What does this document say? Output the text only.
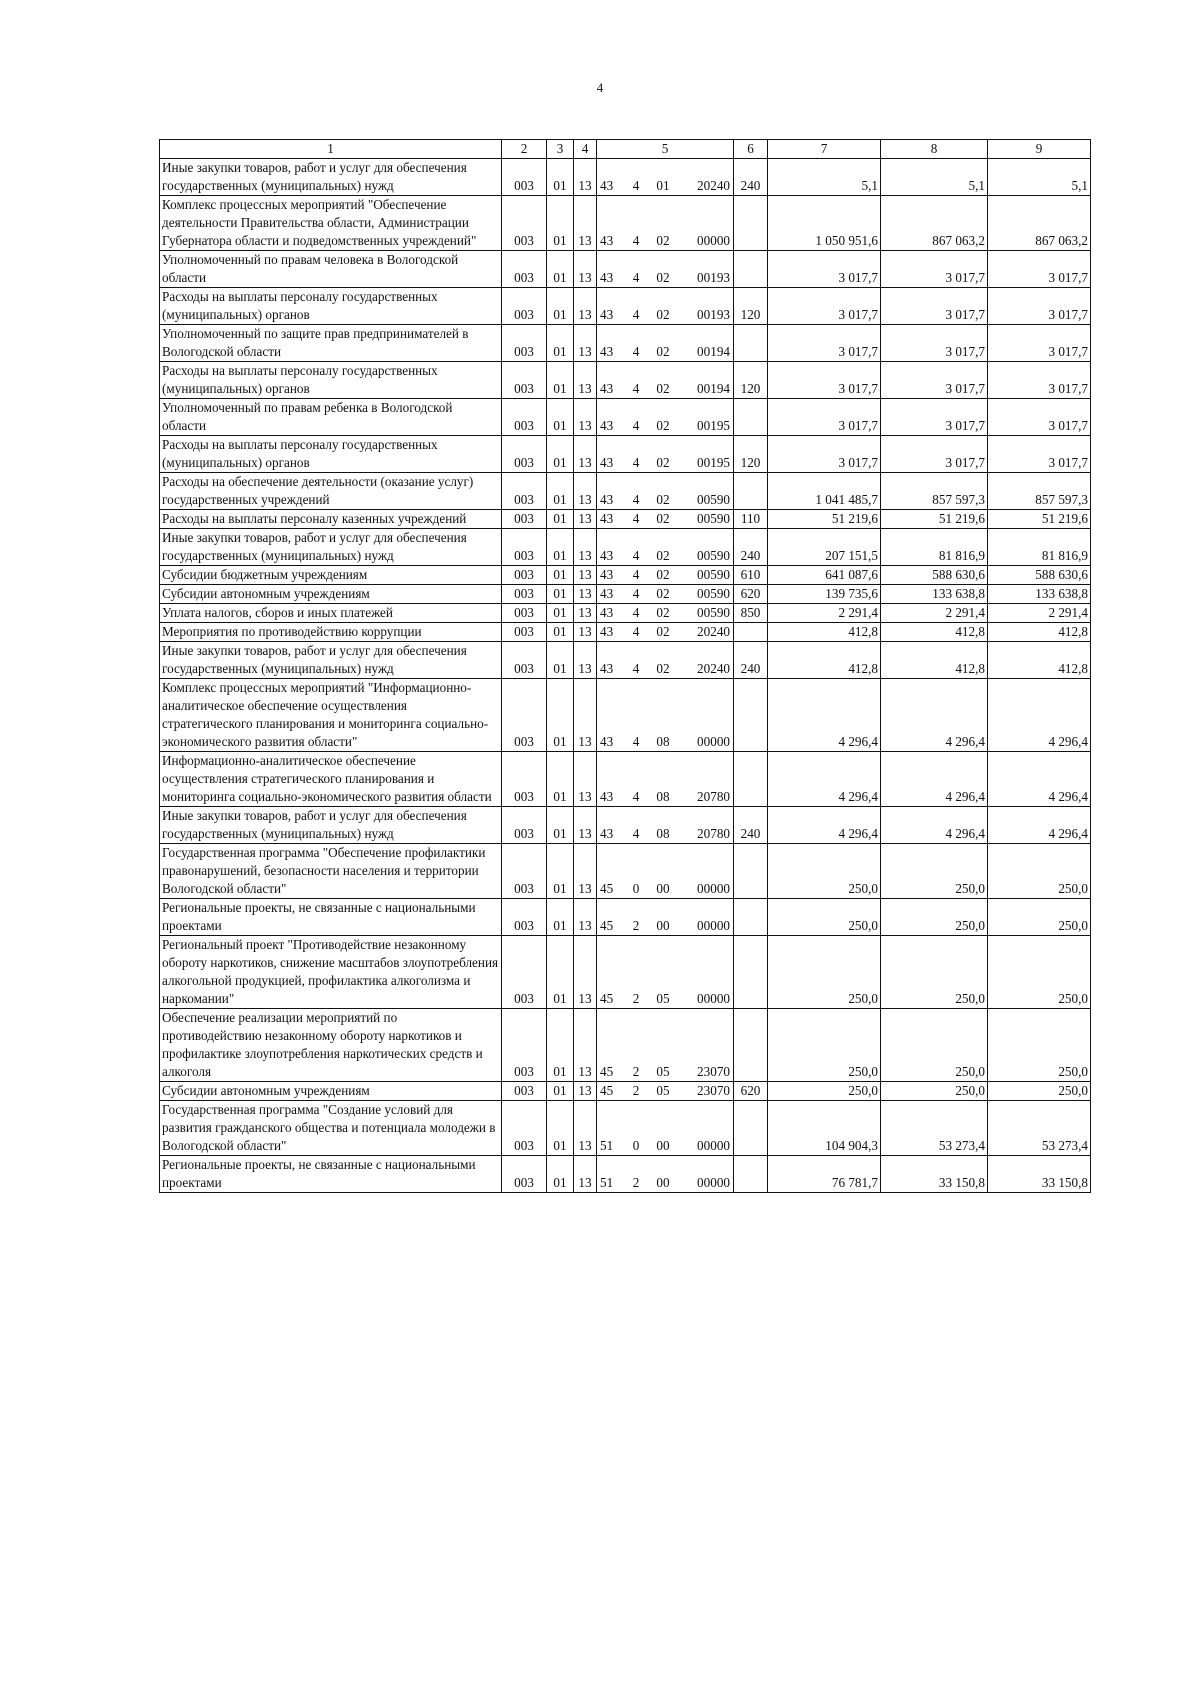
4
1	2	3	4	5	6	7	8	9
Иные закупки товаров, работ и услуг для обеспечения государственных (муниципальных) нужд	003	01	13	43 4 01 20240	240	5,1	5,1	5,1
Комплекс процессных мероприятий "Обеспечение деятельности Правительства области, Администрации Губернатора области и подведомственных учреждений"	003	01	13	43 4 02 00000		1 050 951,6	867 063,2	867 063,2
Уполномоченный по правам человека в Вологодской области	003	01	13	43 4 02 00193		3 017,7	3 017,7	3 017,7
Расходы на выплаты персоналу государственных (муниципальных) органов	003	01	13	43 4 02 00193	120	3 017,7	3 017,7	3 017,7
Уполномоченный по защите прав предпринимателей в Вологодской области	003	01	13	43 4 02 00194		3 017,7	3 017,7	3 017,7
Расходы на выплаты персоналу государственных (муниципальных) органов	003	01	13	43 4 02 00194	120	3 017,7	3 017,7	3 017,7
Уполномоченный по правам ребенка в Вологодской области	003	01	13	43 4 02 00195		3 017,7	3 017,7	3 017,7
Расходы на выплаты персоналу государственных (муниципальных) органов	003	01	13	43 4 02 00195	120	3 017,7	3 017,7	3 017,7
Расходы на обеспечение деятельности (оказание услуг) государственных учреждений	003	01	13	43 4 02 00590		1 041 485,7	857 597,3	857 597,3
Расходы на выплаты персоналу казенных учреждений	003	01	13	43 4 02 00590	110	51 219,6	51 219,6	51 219,6
Иные закупки товаров, работ и услуг для обеспечения государственных (муниципальных) нужд	003	01	13	43 4 02 00590	240	207 151,5	81 816,9	81 816,9
Субсидии бюджетным учреждениям	003	01	13	43 4 02 00590	610	641 087,6	588 630,6	588 630,6
Субсидии автономным учреждениям	003	01	13	43 4 02 00590	620	139 735,6	133 638,8	133 638,8
Уплата налогов, сборов и иных платежей	003	01	13	43 4 02 00590	850	2 291,4	2 291,4	2 291,4
Мероприятия по противодействию коррупции	003	01	13	43 4 02 20240		412,8	412,8	412,8
Иные закупки товаров, работ и услуг для обеспечения государственных (муниципальных) нужд	003	01	13	43 4 02 20240	240	412,8	412,8	412,8
Комплекс процессных мероприятий "Информационно-аналитическое обеспечение осуществления стратегического планирования и мониторинга социально-экономического развития области"	003	01	13	43 4 08 00000		4 296,4	4 296,4	4 296,4
Информационно-аналитическое обеспечение осуществления стратегического планирования и мониторинга социально-экономического развития области	003	01	13	43 4 08 20780		4 296,4	4 296,4	4 296,4
Иные закупки товаров, работ и услуг для обеспечения государственных (муниципальных) нужд	003	01	13	43 4 08 20780	240	4 296,4	4 296,4	4 296,4
Государственная программа "Обеспечение профилактики правонарушений, безопасности населения и территории Вологодской области"	003	01	13	45 0 00 00000		250,0	250,0	250,0
Региональные проекты, не связанные с национальными проектами	003	01	13	45 2 00 00000		250,0	250,0	250,0
Региональный проект "Противодействие незаконному обороту наркотиков, снижение масштабов злоупотребления алкогольной продукцией, профилактика алкоголизма и наркомании"	003	01	13	45 2 05 00000		250,0	250,0	250,0
Обеспечение реализации мероприятий по противодействию незаконному обороту наркотиков и профилактике злоупотребления наркотических средств и алкоголя	003	01	13	45 2 05 23070		250,0	250,0	250,0
Субсидии автономным учреждениям	003	01	13	45 2 05 23070	620	250,0	250,0	250,0
Государственная программа "Создание условий для развития гражданского общества и потенциала молодежи в Вологодской области"	003	01	13	51 0 00 00000		104 904,3	53 273,4	53 273,4
Региональные проекты, не связанные с национальными проектами	003	01	13	51 2 00 00000		76 781,7	33 150,8	33 150,8
